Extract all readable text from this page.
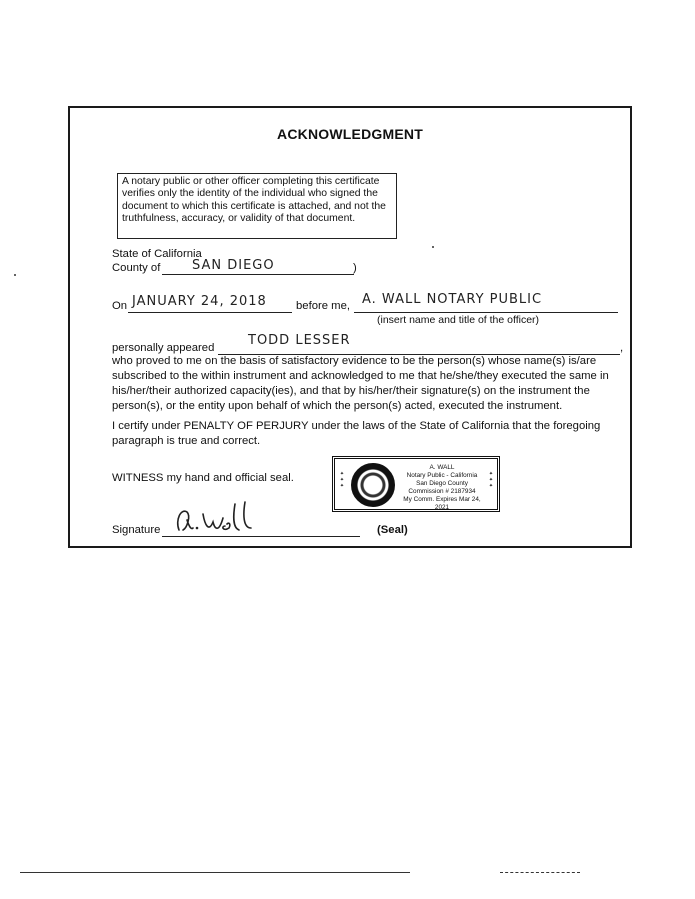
ACKNOWLEDGMENT
A notary public or other officer completing this certificate verifies only the identity of the individual who signed the document to which this certificate is attached, and not the truthfulness, accuracy, or validity of that document.
State of California
County of SAN DIEGO	)
On JANUARY 24, 2018	before me, A. WALL NOTARY PUBLIC
(insert name and title of the officer)
personally appeared	TODD LESSER	,
who proved to me on the basis of satisfactory evidence to be the person(s) whose name(s) is/are subscribed to the within instrument and acknowledged to me that he/she/they executed the same in his/her/their authorized capacity(ies), and that by his/her/their signature(s) on the instrument the person(s), or the entity upon behalf of which the person(s) acted, executed the instrument.
I certify under PENALTY OF PERJURY under the laws of the State of California that the foregoing paragraph is true and correct.
WITNESS my hand and official seal.	✦✦✦	✦✦✦
A. WALL
Notary Public - California
San Diego County
Commission # 2187934
My Comm. Expires Mar 24, 2021
Signature	(Seal)
